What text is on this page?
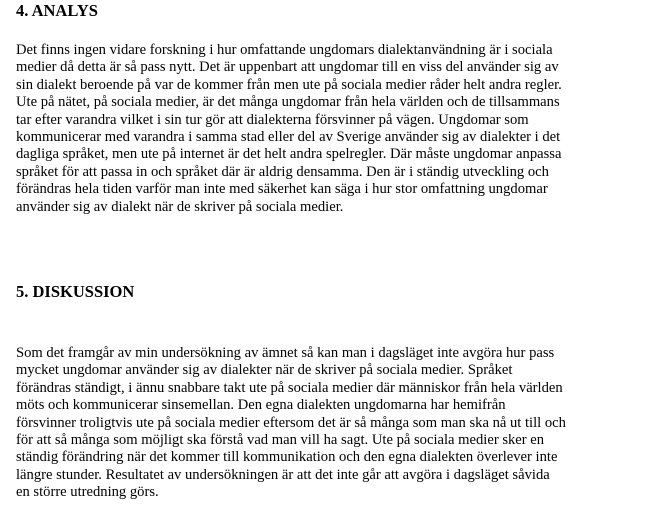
4. ANALYS
Det finns ingen vidare forskning i hur omfattande ungdomars dialektanvändning är i sociala
medier då detta är så pass nytt. Det är uppenbart att ungdomar till en viss del använder sig av
sin dialekt beroende på var de kommer från men ute på sociala medier råder helt andra regler.
Ute på nätet, på sociala medier, är det många ungdomar från hela världen och de tillsammans
tar efter varandra vilket i sin tur gör att dialekterna försvinner på vägen. Ungdomar som
kommunicerar med varandra i samma stad eller del av Sverige använder sig av dialekter i det
dagliga språket, men ute på internet är det helt andra spelregler. Där måste ungdomar anpassa
språket för att passa in och språket där är aldrig densamma. Den är i ständig utveckling och
förändras hela tiden varför man inte med säkerhet kan säga i hur stor omfattning ungdomar
använder sig av dialekt när de skriver på sociala medier.
5. DISKUSSION
Som det framgår av min undersökning av ämnet så kan man i dagsläget inte avgöra hur pass
mycket ungdomar använder sig av dialekter när de skriver på sociala medier. Språket
förändras ständigt, i ännu snabbare takt ute på sociala medier där människor från hela världen
möts och kommunicerar sinsemellan. Den egna dialekten ungdomarna har hemifrån
försvinner troligtvis ute på sociala medier eftersom det är så många som man ska nå ut till och
för att så många som möjligt ska förstå vad man vill ha sagt. Ute på sociala medier sker en
ständig förändring när det kommer till kommunikation och den egna dialekten överlever inte
längre stunder. Resultatet av undersökningen är att det inte går att avgöra i dagsläget såvida
en större utredning görs.
